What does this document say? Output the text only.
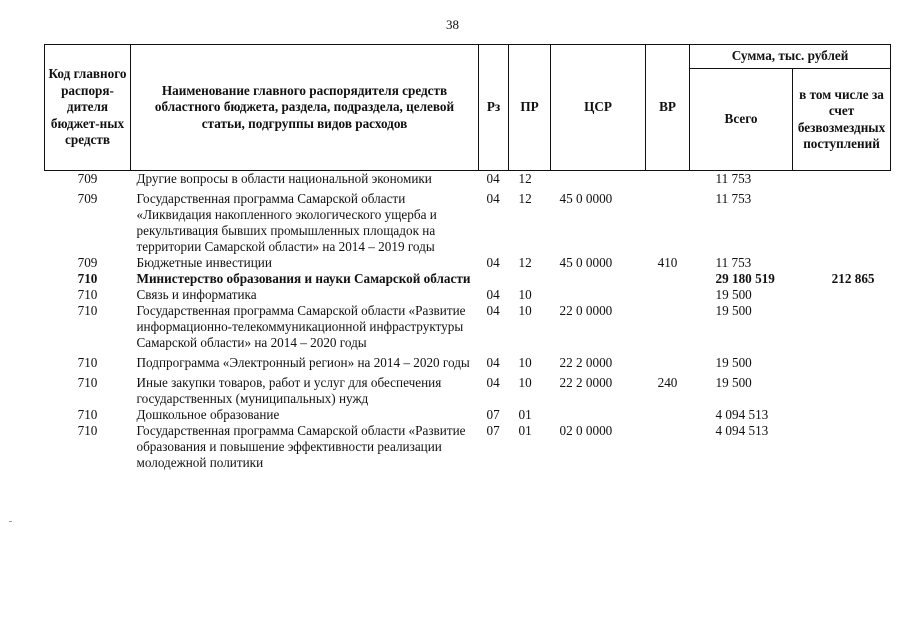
38
Код главного распоря-дителя бюджет-ных средств	Наименование главного распорядителя средств областного бюджета, раздела, подраздела, целевой статьи, подгруппы видов расходов	Рз	ПР	ЦСР	ВР	Сумма, тыс. рублей	
						Всего	в том числе за счет безвозмездных поступлений
709	Другие вопросы в области национальной экономики	04	12			11 753	
709	Государственная программа Самарской области «Ликвидация накопленного экологического ущерба и рекультивация бывших промышленных площадок на территории Самарской области» на 2014 – 2019 годы	04	12	45 0 0000		11 753	
709	Бюджетные инвестиции	04	12	45 0 0000	410	11 753	
710	Министерство образования и науки Самарской области					29 180 519	212 865
710	Связь и информатика	04	10			19 500	
710	Государственная программа Самарской области «Развитие информационно-телекоммуникационной инфраструктуры Самарской области» на 2014 – 2020 годы	04	10	22 0 0000		19 500	
710	Подпрограмма «Электронный регион» на 2014 – 2020 годы	04	10	22 2 0000		19 500	
710	Иные закупки товаров, работ и услуг для обеспечения государственных (муниципальных) нужд	04	10	22 2 0000	240	19 500	
710	Дошкольное образование	07	01			4 094 513	
710	Государственная программа Самарской области «Развитие образования и повышение эффективности реализации молодежной политики	07	01	02 0 0000		4 094 513	
